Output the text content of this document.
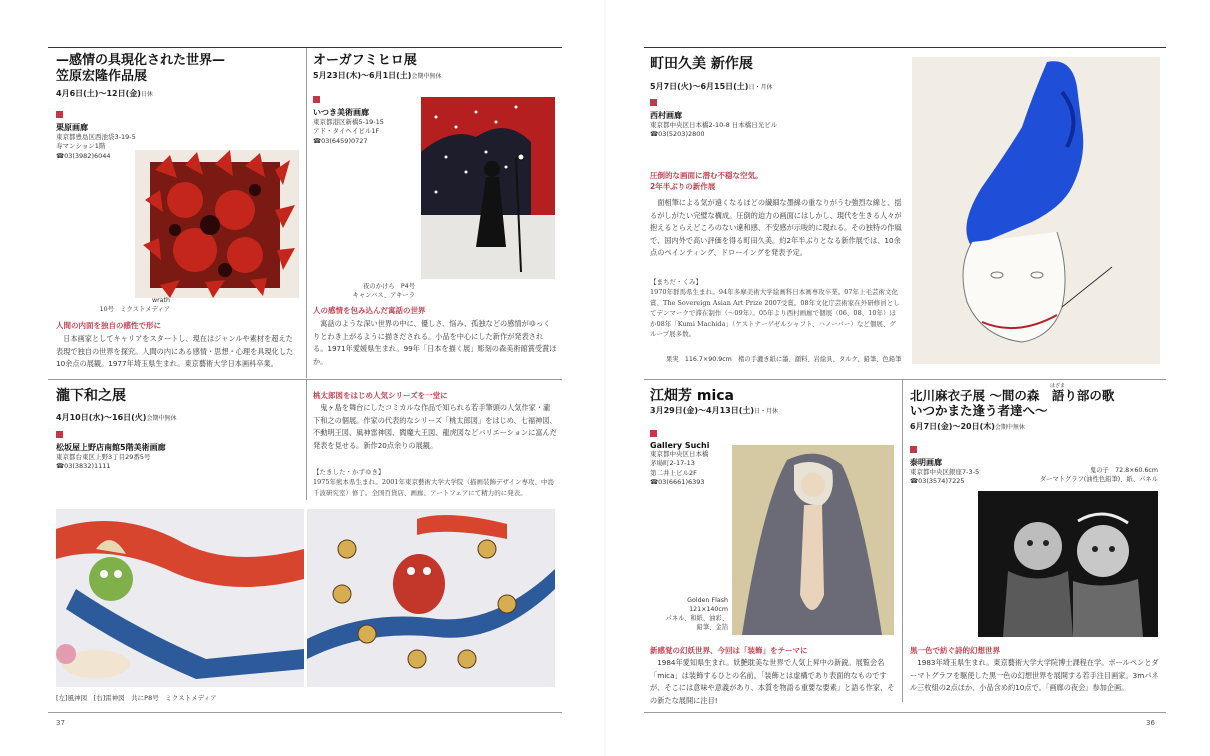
—感情の具現化された世界—
笠原宏隆作品展
4月6日(土)〜12日(金)日休
栗原画廊
東京都豊島区西池袋3-19-5
寿マンション1階
☎03(3982)6044
wrath
10号　ミクストメディア
人間の内面を独自の感性で形に
日本画家としてキャリアをスタートし、現在はジャンルや素材を超えた表現で独自の世界を探究。人間の内にある感情・思想・心理を具現化した10余点の展観。1977年埼玉県生まれ。東京藝術大学日本画科卒業。
オーガフミヒロ展
5月23日(木)〜6月1日(土)会期中無休
いつき美術画廊
東京都港区新橋5-19-15
アド・タイヘイビル1F
☎03(6459)0727
夜のかけら　P4号
キャンバス、アキーラ
人の感情を包み込んだ寓話の世界
寓話のような深い世界の中に、優しさ、悩み、孤独などの感情がゆっくりとわき上がるように描きだされる。小品を中心にした新作が発表される。1971年愛媛県生まれ。99年「日本を描く展」彫刻の森美術館賞受賞ほか。
瀧下和之展
4月10日(水)〜16日(火)会期中無休
松坂屋上野店南館5階美術画廊
東京都台東区上野3丁目29番5号
☎03(3832)1111
桃太郎図をはじめ人気シリーズを一堂に
鬼ヶ島を舞台にしたコミカルな作品で知られる若手筆頭の人気作家・瀧下和之の個展。作家の代表的なシリーズ「桃太郎図」をはじめ、七福神図、不動明王図、風神雷神図、閻魔大王図、龍虎図などバリエーションに富んだ発表を見せる。新作20点余りの展観。
【たきした・かずゆき】
1975年熊本県生まれ。2001年東京藝術大学大学院（描画装飾デザイン専攻、中島千波研究室）修了。全国百貨店、画廊、アートフェアにて精力的に発表。
[左]風神図　[右]雷神図　共にP8号　ミクストメディア
37
町田久美 新作展
5月7日(火)〜6月15日(土)日・月休
西村画廊
東京都中央区日本橋2-10-8 日本橋日光ビル
☎03(5203)2800
圧倒的な画面に潜む不穏な空気。
2年半ぶりの新作展
面相筆による気が遠くなるほどの繊細な墨線の重なりがうむ強烈な線と、揺るがしがたい完璧な構成。圧倒的迫力の画面にはしかし、現代を生きる人々が抱えるとらえどころのない違和感、不安感が示唆的に現れる。その独特の作風で、国内外で高い評価を得る町田久美。約2年半ぶりとなる新作展では、10余点のペインティング、ドローイングを発表予定。
【まちだ・くみ】
1970年群馬県生まれ。94年多摩美術大学絵画科日本画専攻卒業。07年上毛芸術文化賞、The Sovereign Asian Art Prize 2007受賞。08年文化庁芸術家在外研修員としてデンマークで滞在制作（〜09年）。05年より西村画廊で個展（06、08、10年）ほか08年「Kumi Machida」（ケストナーゲゼルシャフト、ハノーバー）など個展、グループ展多数。
果実　116.7×90.9cm　楮の手漉き紙に墨、顔料、岩絵具、タルク、鉛筆、色鉛筆
江畑芳 mica
3月29日(金)〜4月13日(土)日・月休
Gallery Suchi
東京都中央区日本橋
茅場町2-17-13
第二井上ビル2F
☎03(6661)6393
Golden Flash
121×140cm
パネル、和紙、油彩、
鉛筆、金箔
新感覚の幻妖世界、今回は「装飾」をテーマに
1984年愛知県生まれ。妖艶耽美な世界で人気上昇中の新鋭。展覧会名「mica」は装飾するひとの名前。「装飾とは虚構であり表面的なものですが、そこには意味や意義があり、本質を物語る重要な要素」と語る作家、その新たな展開に注目!
はざま
北川麻衣子展 〜間の森　語り部の歌
いつかまた逢う者達へ〜
6月7日(金)〜20日(木)会期中無休
泰明画廊
東京都中央区銀座7-3-5
☎03(3574)7225
鬼の子　72.8×60.6cm
ダーマトグラフ(油性色鉛筆)、紙、パネル
黒一色で紡ぐ詩的幻想世界
1983年埼玉県生まれ。東京藝術大学大学院博士課程在学。ボールペンとダーマトグラフを駆使した黒一色の幻想世界を展開する若手注目画家。3mパネル三枚組の2点ほか、小品含め約10点で。「画廊の夜会」参加企画。
36
